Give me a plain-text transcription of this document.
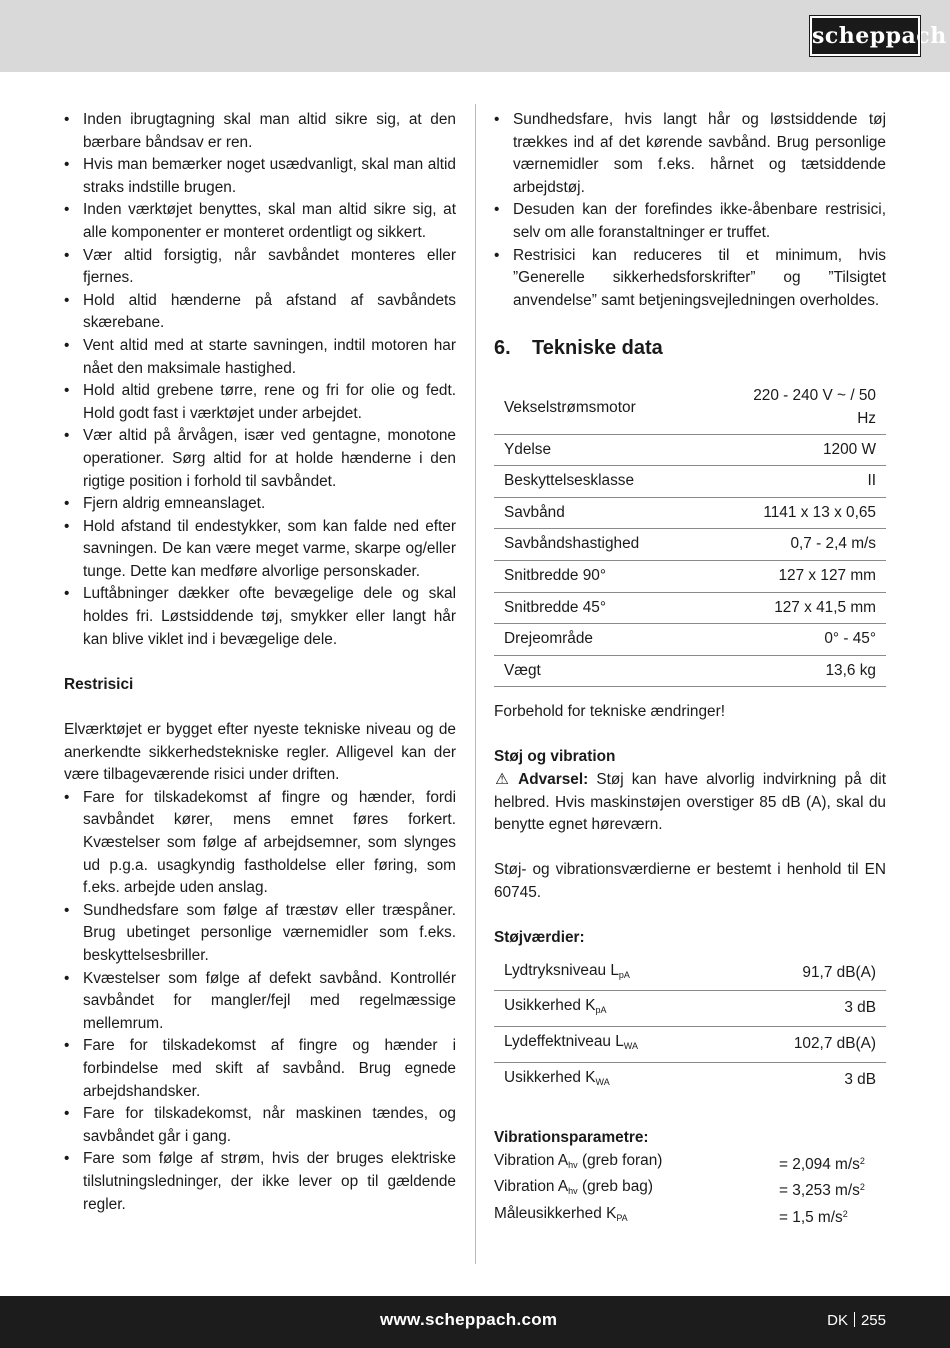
scheppach
• Inden ibrugtagning skal man altid sikre sig, at den bærbare båndsav er ren.
• Hvis man bemærker noget usædvanligt, skal man altid straks indstille brugen.
• Inden værktøjet benyttes, skal man altid sikre sig, at alle komponenter er monteret ordentligt og sikkert.
• Vær altid forsigtig, når savbåndet monteres eller fjernes.
• Hold altid hænderne på afstand af savbåndets skærebane.
• Vent altid med at starte savningen, indtil motoren har nået den maksimale hastighed.
• Hold altid grebene tørre, rene og fri for olie og fedt. Hold godt fast i værktøjet under arbejdet.
• Vær altid på årvågen, især ved gentagne, monotone operationer. Sørg altid for at holde hænderne i den rigtige position i forhold til savbåndet.
• Fjern aldrig emneanslaget.
• Hold afstand til endestykker, som kan falde ned efter savningen. De kan være meget varme, skarpe og/eller tunge. Dette kan medføre alvorlige personskader.
• Luftåbninger dækker ofte bevægelige dele og skal holdes fri. Løstsiddende tøj, smykker eller langt hår kan blive viklet ind i bevægelige dele.

Restrisici

Elværktøjet er bygget efter nyeste tekniske niveau og de anerkendte sikkerhedstekniske regler. Alligevel kan der være tilbageværende risici under driften.

• Fare for tilskadekomst af fingre og hænder, fordi savbåndet kører, mens emnet føres forkert. Kvæstelser som følge af arbejdsemner, som slynges ud p.g.a. usagkyndig fastholdelse eller føring, som f.eks. arbejde uden anslag.
• Sundhedsfare som følge af træstøv eller træspåner. Brug ubetinget personlige værnemidler som f.eks. beskyttelsesbriller.
• Kvæstelser som følge af defekt savbånd. Kontrollér savbåndet for mangler/fejl med regelmæssige mellemrum.
• Fare for tilskadekomst af fingre og hænder i forbindelse med skift af savbånd. Brug egnede arbejdshandsker.
• Fare for tilskadekomst, når maskinen tændes, og savbåndet går i gang.
• Fare som følge af strøm, hvis der bruges elektriske tilslutningsledninger, der ikke lever op til gældende regler.
• Sundhedsfare, hvis langt hår og løstsiddende tøj trækkes ind af det kørende savbånd. Brug personlige værnemidler som f.eks. hårnet og tætsiddende arbejdstøj.
• Desuden kan der forefindes ikke-åbenbare restrisici, selv om alle foranstaltninger er truffet.
• Restrisici kan reduceres til et minimum, hvis ”Generelle sikkerhedsforskrifter” og ”Tilsigtet anvendelse” samt betjeningsvejledningen overholdes.
6. Tekniske data
Vekselstrømsmotor	220 - 240 V ~ / 50 Hz
Ydelse	1200 W
Beskyttelsesklasse	II
Savbånd	1141 x 13 x 0,65
Savbåndshastighed	0,7 - 2,4 m/s
Snitbredde 90°	127 x 127 mm
Snitbredde 45°	127 x 41,5 mm
Drejeområde	0° - 45°
Vægt	13,6 kg

Forbehold for tekniske ændringer!

Støj og vibration

⚠ Advarsel: Støj kan have alvorlig indvirkning på dit helbred. Hvis maskinstøjen overstiger 85 dB (A), skal du benytte egnet høreværn.

Støj- og vibrationsværdierne er bestemt i henhold til EN 60745.

Støjværdier:

Lydtryksniveau $L_{pA}$	91,7 dB(A)
Usikkerhed $K_{pA}$	3 dB
Lydeffektniveau $L_{WA}$	102,7 dB(A)
Usikkerhed $K_{WA}$	3 dB

Vibrationsparametre:

Vibration $A_{hv}$ (greb foran)	= 2,094 $m/s^2$
Vibration $A_{hv}$ (greb bag)	= 3,253 $m/s^2$
Måleusikkerhed $K_{PA}$	= 1,5 $m/s^2$
www.scheppach.com	DK 255
